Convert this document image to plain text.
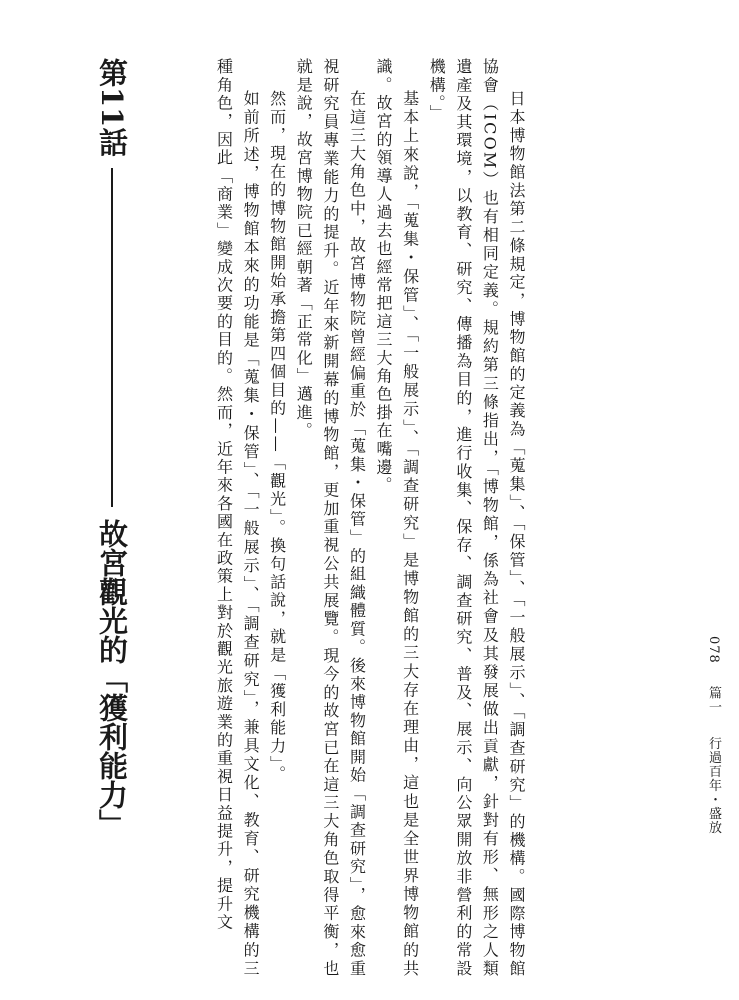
078  篇一  行過百年・盛放
第11話
故宮觀光的「獲利能力」	日本博物館法第二條規定，博物館的定義為「蒐集」、「保管」、「一般展示」、「調查研究」的機構。國際博物館協會（ICOM）也有相同定義。規約第三條指出，「博物館，係為社會及其發展做出貢獻，針對有形、無形之人類遺產及其環境，以教育、研究、傳播為目的，進行收集、保存、調查研究、普及、展示、向公眾開放非營利的常設機構。」

基本上來說，「蒐集・保管」、「一般展示」、「調查研究」是博物館的三大存在理由，這也是全世界博物館的共識。故宮的領導人過去也經常把這三大角色掛在嘴邊。

在這三大角色中，故宮博物院曾經偏重於「蒐集・保管」的組織體質。後來博物館開始「調查研究」，愈來愈重視研究員專業能力的提升。近年來新開幕的博物館，更加重視公共展覽。現今的故宮已在這三大角色取得平衡，也就是說，故宮博物院已經朝著「正常化」邁進。

然而，現在的博物館開始承擔第四個目的——「觀光」。換句話說，就是「獲利能力」。

如前所述，博物館本來的功能是「蒐集・保管」、「一般展示」、「調查研究」，兼具文化、教育、研究機構的三種角色，因此「商業」變成次要的目的。然而，近年來各國在政策上對於觀光旅遊業的重視日益提升，提升文
